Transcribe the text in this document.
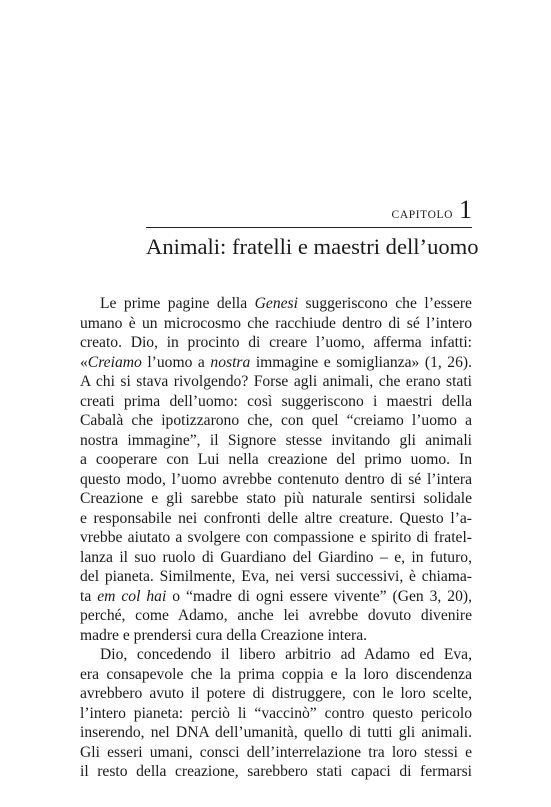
CAPITOLO 1
Animali: fratelli e maestri dell’uomo

Le prime pagine della Genesi suggeriscono che l’essere
umano è un microcosmo che racchiude dentro di sé l’intero
creato. Dio, in procinto di creare l’uomo, afferma infatti:
«Creiamo l’uomo a nostra immagine e somiglianza» (1, 26).
A chi si stava rivolgendo? Forse agli animali, che erano stati
creati prima dell’uomo: così suggeriscono i maestri della
Cabalà che ipotizzarono che, con quel “creiamo l’uomo a
nostra immagine”, il Signore stesse invitando gli animali
a cooperare con Lui nella creazione del primo uomo. In
questo modo, l’uomo avrebbe contenuto dentro di sé l’intera
Creazione e gli sarebbe stato più naturale sentirsi solidale
e responsabile nei confronti delle altre creature. Questo l’a-
vrebbe aiutato a svolgere con compassione e spirito di fratel-
lanza il suo ruolo di Guardiano del Giardino – e, in futuro,
del pianeta. Similmente, Eva, nei versi successivi, è chiama-
ta em col hai o “madre di ogni essere vivente” (Gen 3, 20),
perché, come Adamo, anche lei avrebbe dovuto divenire
madre e prendersi cura della Creazione intera.

Dio, concedendo il libero arbitrio ad Adamo ed Eva,
era consapevole che la prima coppia e la loro discendenza
avrebbero avuto il potere di distruggere, con le loro scelte,
l’intero pianeta: perciò li “vaccinò” contro questo pericolo
inserendo, nel DNA dell’umanità, quello di tutti gli animali.
Gli esseri umani, consci dell’interrelazione tra loro stessi e
il resto della creazione, sarebbero stati capaci di fermarsi
